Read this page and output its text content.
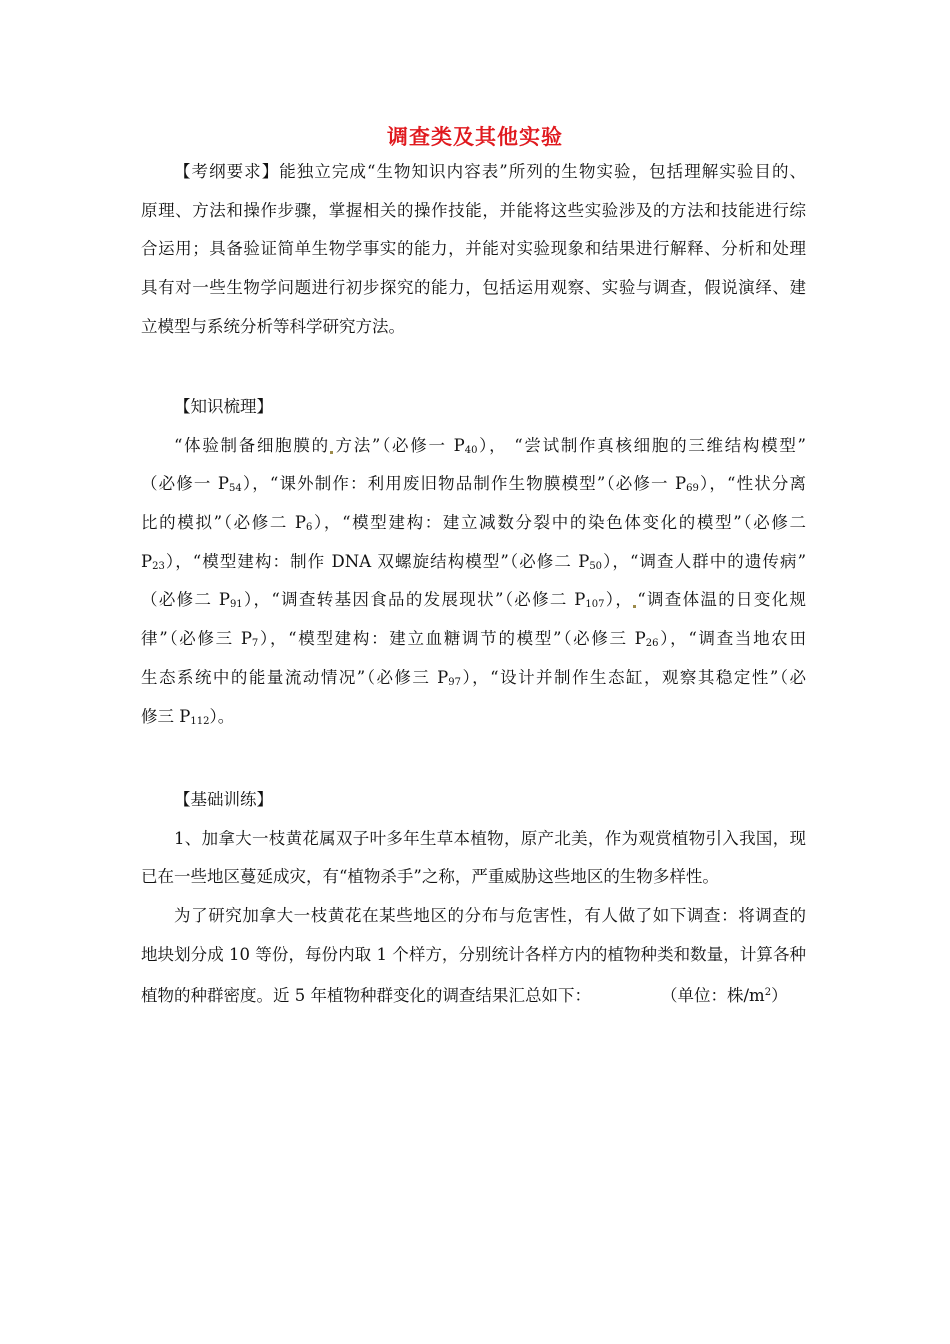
调查类及其他实验
【考纲要求】能独立完成“生物知识内容表”所列的生物实验，包括理解实验目的、
原理、方法和操作步骤，掌握相关的操作技能，并能将这些实验涉及的方法和技能进行综
合运用；具备验证简单生物学事实的能力，并能对实验现象和结果进行解释、分析和处理
具有对一些生物学问题进行初步探究的能力，包括运用观察、实验与调查，假说演绎、建
立模型与系统分析等科学研究方法。
【知识梳理】
“体验制备细胞膜的 方法”（必修一 $P_{40}$）， “尝试制作真核细胞的三维结构模型”
（必修一 $P_{54}$），“课外制作：利用废旧物品制作生物膜模型”（必修一 $P_{69}$），“性状分离
比的模拟”（必修二 $P_6$），“模型建构：建立减数分裂中的染色体变化的模型”（必修二
$P_{23}$），“模型建构：制作 DNA 双螺旋结构模型”（必修二 $P_{50}$），“调查人群中的遗传病”
（必修二 $P_{91}$），“调查转基因食品的发展现状”（必修二 $P_{107}$）， “调查体温的日变化规
律”（必修三 $P_7$），“模型建构：建立血糖调节的模型”（必修三 $P_{26}$），“调查当地农田
生态系统中的能量流动情况”（必修三 $P_{97}$），“设计并制作生态缸，观察其稳定性”（必
修三 $P_{112}$）。
【基础训练】
1、加拿大一枝黄花属双子叶多年生草本植物，原产北美，作为观赏植物引入我国，现
已在一些地区蔓延成灾，有“植物杀手”之称，严重威胁这些地区的生物多样性。
为了研究加拿大一枝黄花在某些地区的分布与危害性，有人做了如下调查：将调查的
地块划分成 10 等份，每份内取 1 个样方，分别统计各样方内的植物种类和数量，计算各种
植物的种群密度。近 5 年植物种群变化的调查结果汇总如下：	（单位：株$/m^2$）
